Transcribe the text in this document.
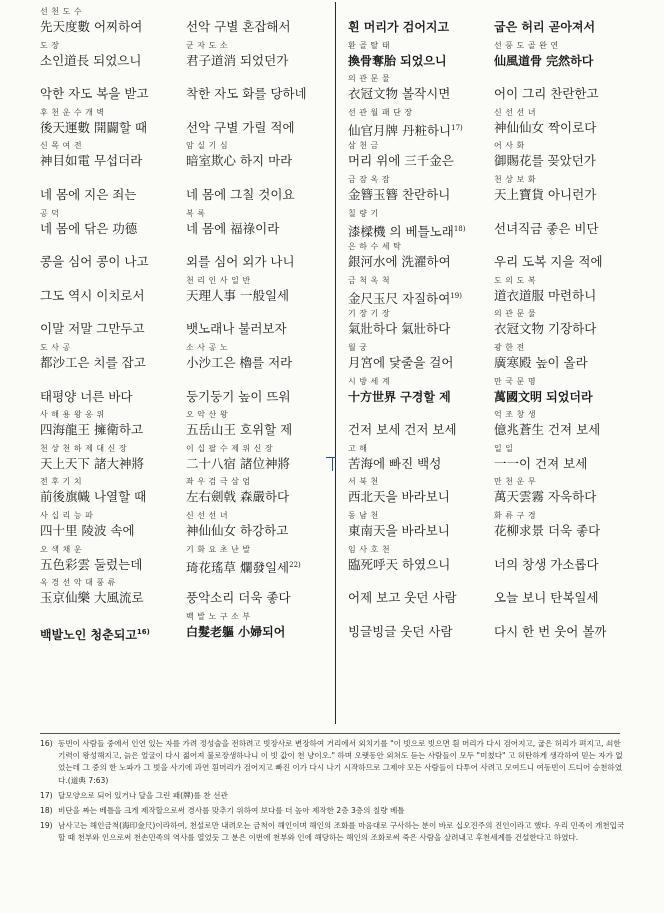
선 천 도 수
先天度數 어찌하여
도 장
소인道長 되었으니
악한 자도 복을 받고
후 천 운 수 개 벽
後天運數 開闢할 때
신 목 여 전
神目如電 무섭더라
네 몸에 지은 죄는
공 덕
네 몸에 닦은 功德
콩을 심어 콩이 나고
그도 역시 이치로서
이말 저말 그만두고
도 사 공
都沙工은 치를 잡고
태평양 너른 바다
사 해 용 왕 옹 위
四海龍王 擁衛하고
천 상 천 하 제 대 신 장
天上天下 諸大神將
전 후 기 치
前後旗幟 나열할 때
사 십 리 능 파
四十里 陵波 속에
오 색 채 운
五色彩雲 둘렀는데
옥 경 선 악 대 풍 류
玉京仙樂 大風流로
백발노인 청춘되고$^{16)}$
선악 구별 혼잡해서
군 자 도 소
君子道消 되었던가
착한 자도 화를 당하네
선악 구별 가릴 적에
암 실 기 심
暗室欺心 하지 마라
네 몸에 그칠 것이요
복 록
네 몸에 福祿이라
외를 심어 외가 나니
천 리 인 사 일 반
天理人事 一般일세
뱃노래나 불러보자
소 사 공 노
小沙工은 櫓를 저라
둥기둥기 높이 뜨워
오 악 산 왕
五岳山王 호위할 제
이 십 팔 수 제 위 신 장
二十八宿 諸位神將
좌 우 검 극 삼 엄
左右劍戟 森嚴하다
신 선 선 녀
神仙仙女 하강하고
기 화 요 초 난 발
琦花瑤草 爛發일세$^{22)}$
풍악소리 더욱 좋다
백 발 노 구 소 부
白髮老軀 小婦되어
흰 머리가 검어지고
환 골 탈 태
換骨奪胎 되었으니
의 관 문 물
衣冠文物 볼작시면
선 관 월 패 단 장
仙官月牌 丹粧하니$^{17)}$
삼 천 금
머리 위에 三千金은
금 잠 옥 잠
金簪玉簪 찬란하니
칠 량 기
漆樑機 의 베틀노래$^{18)}$
은 하 수 세 탁
銀河水에 洗濯하여
금 척 옥 척
金尺玉尺 자질하여$^{19)}$
기 장 기 장
氣壯하다 氣壯하다
월 궁
月宮에 닻줄을 걸어
시 방 세 계
十方世界 구경할 제
건저 보세 건저 보세
고 해
苦海에 빠진 백성
서 북 천
西北天을 바라보니
동 남 천
東南天을 바라보니
임 사 호 천
臨死呼天 하였으니
어제 보고 웃던 사람
빙글빙글 웃던 사람
굽은 허리 곧아져서
선 풍 도 골 완 연
仙風道骨 完然하다
어이 그리 찬란한고
신 선 선 녀
神仙仙女 짝이로다
어 사 화
御賜花를 꽂았던가
천 상 보 화
天上寶貨 아니런가
선녀직금 좋은 비단
우리 도복 지을 적에
도 의 도 복
道衣道服 마련하니
의 관 문 물
衣冠文物 기장하다
광 한 전
廣寒殿 높이 올라
만 국 문 명
萬國文明 되었더라
억 조 창 생
億兆蒼生 건져 보세
일 일
一一이 건져 보세
만 천 운 무
萬天雲霧 자욱하다
화 류 구 경
花柳求景 더욱 좋다
너의 창생 가소롭다
오늘 보니 탄복일세
다시 한 번 웃어 볼까
16) 동빈이 사람들 중에서 인연 있는 자를 가려 정성술을 전하려고 빗장사로 변장하여 거리에서 외치기를 "이 빗으로 빗으면 흰 머리가 다시 검어지고, 굽은 허리가 펴지고, 쇠한 기력이 왕성해지고, 늙은 얼굴이 다시 젊어져 불로장생하나니 이 빗 값이 천 냥이오." 하며 오랫동안 외쳐도 듣는 사람들이 모두 "미쳤다" 고 허탄하게 생각하여 믿는 자가 없었는데 그 중의 한 노파가 그 빗을 사기에 과연 흰머리가 검어지고 빠진 이가 다시 나기 시작하므로 그제야 모든 사람들이 다투어 사려고 모여드니 여동빈이 드디어 승천하였다.(道典 7:63)
17) 달모양으로 되어 있거나 달을 그린 패(牌)를 찬 선관
18) 비단을 짜는 베틀을 크게 제작할으로써 경사를 맞추기 위하여 보다를 더 높아 제작한 2층 3층의 칠량 베틀
19) 남사고는 해인금척(海印金尺)이라하여, 천설로만 내려오는 금척이 해인이며 해인의 조화를 마음대로 구사하는 분이 바로 십오진주의 진인이라고 했다. 우리 민족이 개천입국 할 때 천부와 인으로써 천손민족의 역사를 열었듯 그 분은 이번에 천부와 인에 해당하는 해인의 조화로써 죽은 사람을 살려내고 후천세계를 건설한다고 하였다.
